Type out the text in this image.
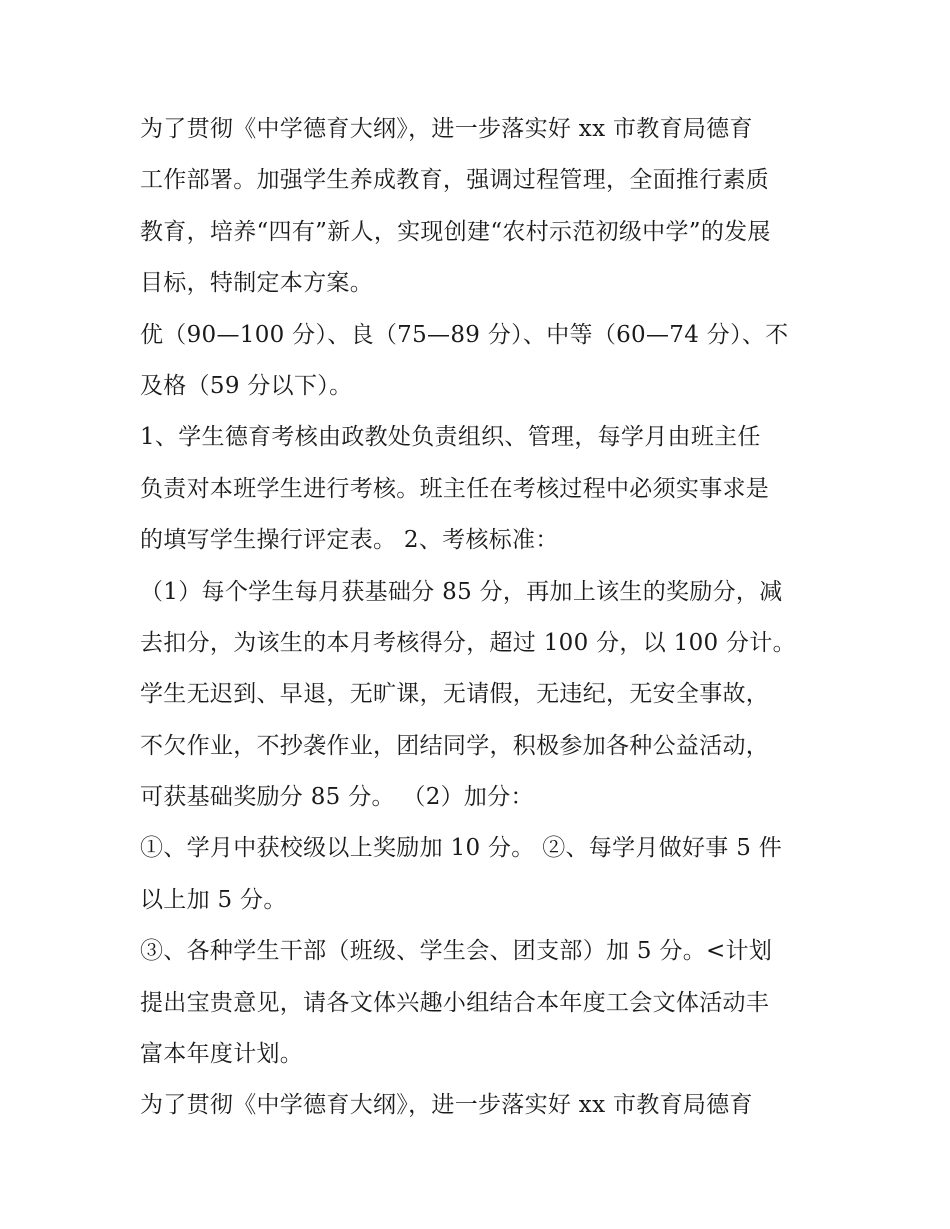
为了贯彻《中学德育大纲》，进一步落实好 xx 市教育局德育
工作部署。加强学生养成教育，强调过程管理，全面推行素质
教育，培养“四有”新人，实现创建“农村示范初级中学”的发展
目标，特制定本方案。
优（90—100 分）、良（75—89 分）、中等（60—74 分）、不
及格（59 分以下）。
1、学生德育考核由政教处负责组织、管理，每学月由班主任
负责对本班学生进行考核。班主任在考核过程中必须实事求是
的填写学生操行评定表。 2、考核标准：
（1）每个学生每月获基础分 85 分，再加上该生的奖励分，减
去扣分，为该生的本月考核得分，超过 100 分，以 100 分计。
学生无迟到、早退，无旷课，无请假，无违纪，无安全事故，
不欠作业，不抄袭作业，团结同学，积极参加各种公益活动，
可获基础奖励分 85 分。 （2）加分：
①、学月中获校级以上奖励加 10 分。 ②、每学月做好事 5 件
以上加 5 分。
③、各种学生干部（班级、学生会、团支部）加 5 分。<计划
提出宝贵意见，请各文体兴趣小组结合本年度工会文体活动丰
富本年度计划。
为了贯彻《中学德育大纲》，进一步落实好 xx 市教育局德育
